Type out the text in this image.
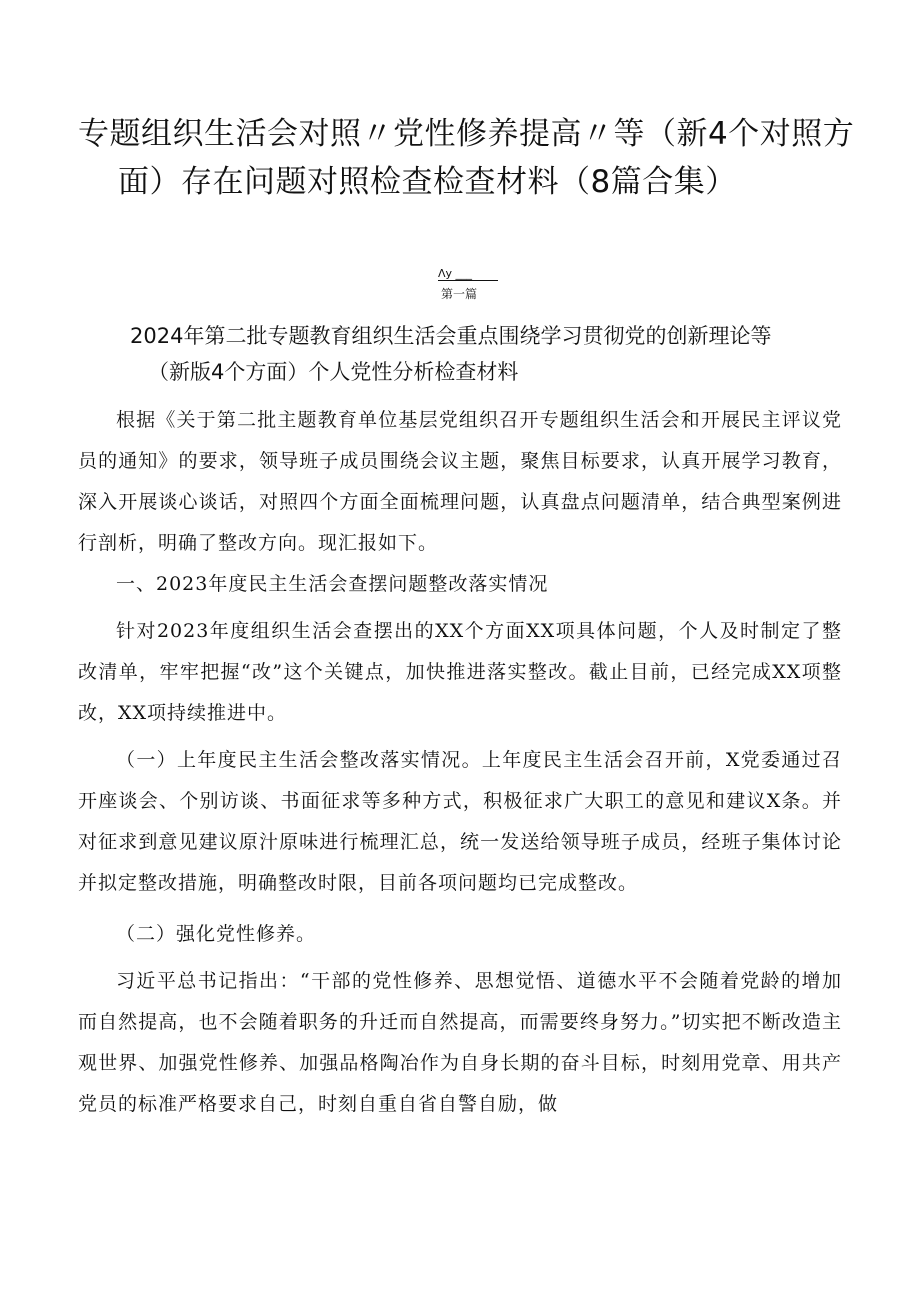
专题组织生活会对照〃党性修养提高〃等（新4个对照方
面）存在问题对照检查检查材料（8篇合集）
Λy ___
第一篇
2024年第二批专题教育组织生活会重点围绕学习贯彻党的创新理论等
（新版4个方面）个人党性分析检查材料

根据《关于第二批主题教育单位基层党组织召开专题组织生活会和开展民主评议党员的通知》的要求，领导班子成员围绕会议主题，聚焦目标要求，认真开展学习教育，深入开展谈心谈话，对照四个方面全面梳理问题，认真盘点问题清单，结合典型案例进行剖析，明确了整改方向。现汇报如下。

一、2023年度民主生活会查摆问题整改落实情况

针对2023年度组织生活会查摆出的XX个方面XX项具体问题，个人及时制定了整改清单，牢牢把握“改”这个关键点，加快推进落实整改。截止目前，已经完成XX项整改，XX项持续推进中。

（一）上年度民主生活会整改落实情况。上年度民主生活会召开前，X党委通过召开座谈会、个别访谈、书面征求等多种方式，积极征求广大职工的意见和建议X条。并对征求到意见建议原汁原味进行梳理汇总，统一发送给领导班子成员，经班子集体讨论并拟定整改措施，明确整改时限，目前各项问题均已完成整改。

（二）强化党性修养。

习近平总书记指出：“干部的党性修养、思想觉悟、道德水平不会随着党龄的增加而自然提高，也不会随着职务的升迁而自然提高，而需要终身努力。”切实把不断改造主观世界、加强党性修养、加强品格陶冶作为自身长期的奋斗目标，时刻用党章、用共产党员的标准严格要求自己，时刻自重自省自警自励，做
